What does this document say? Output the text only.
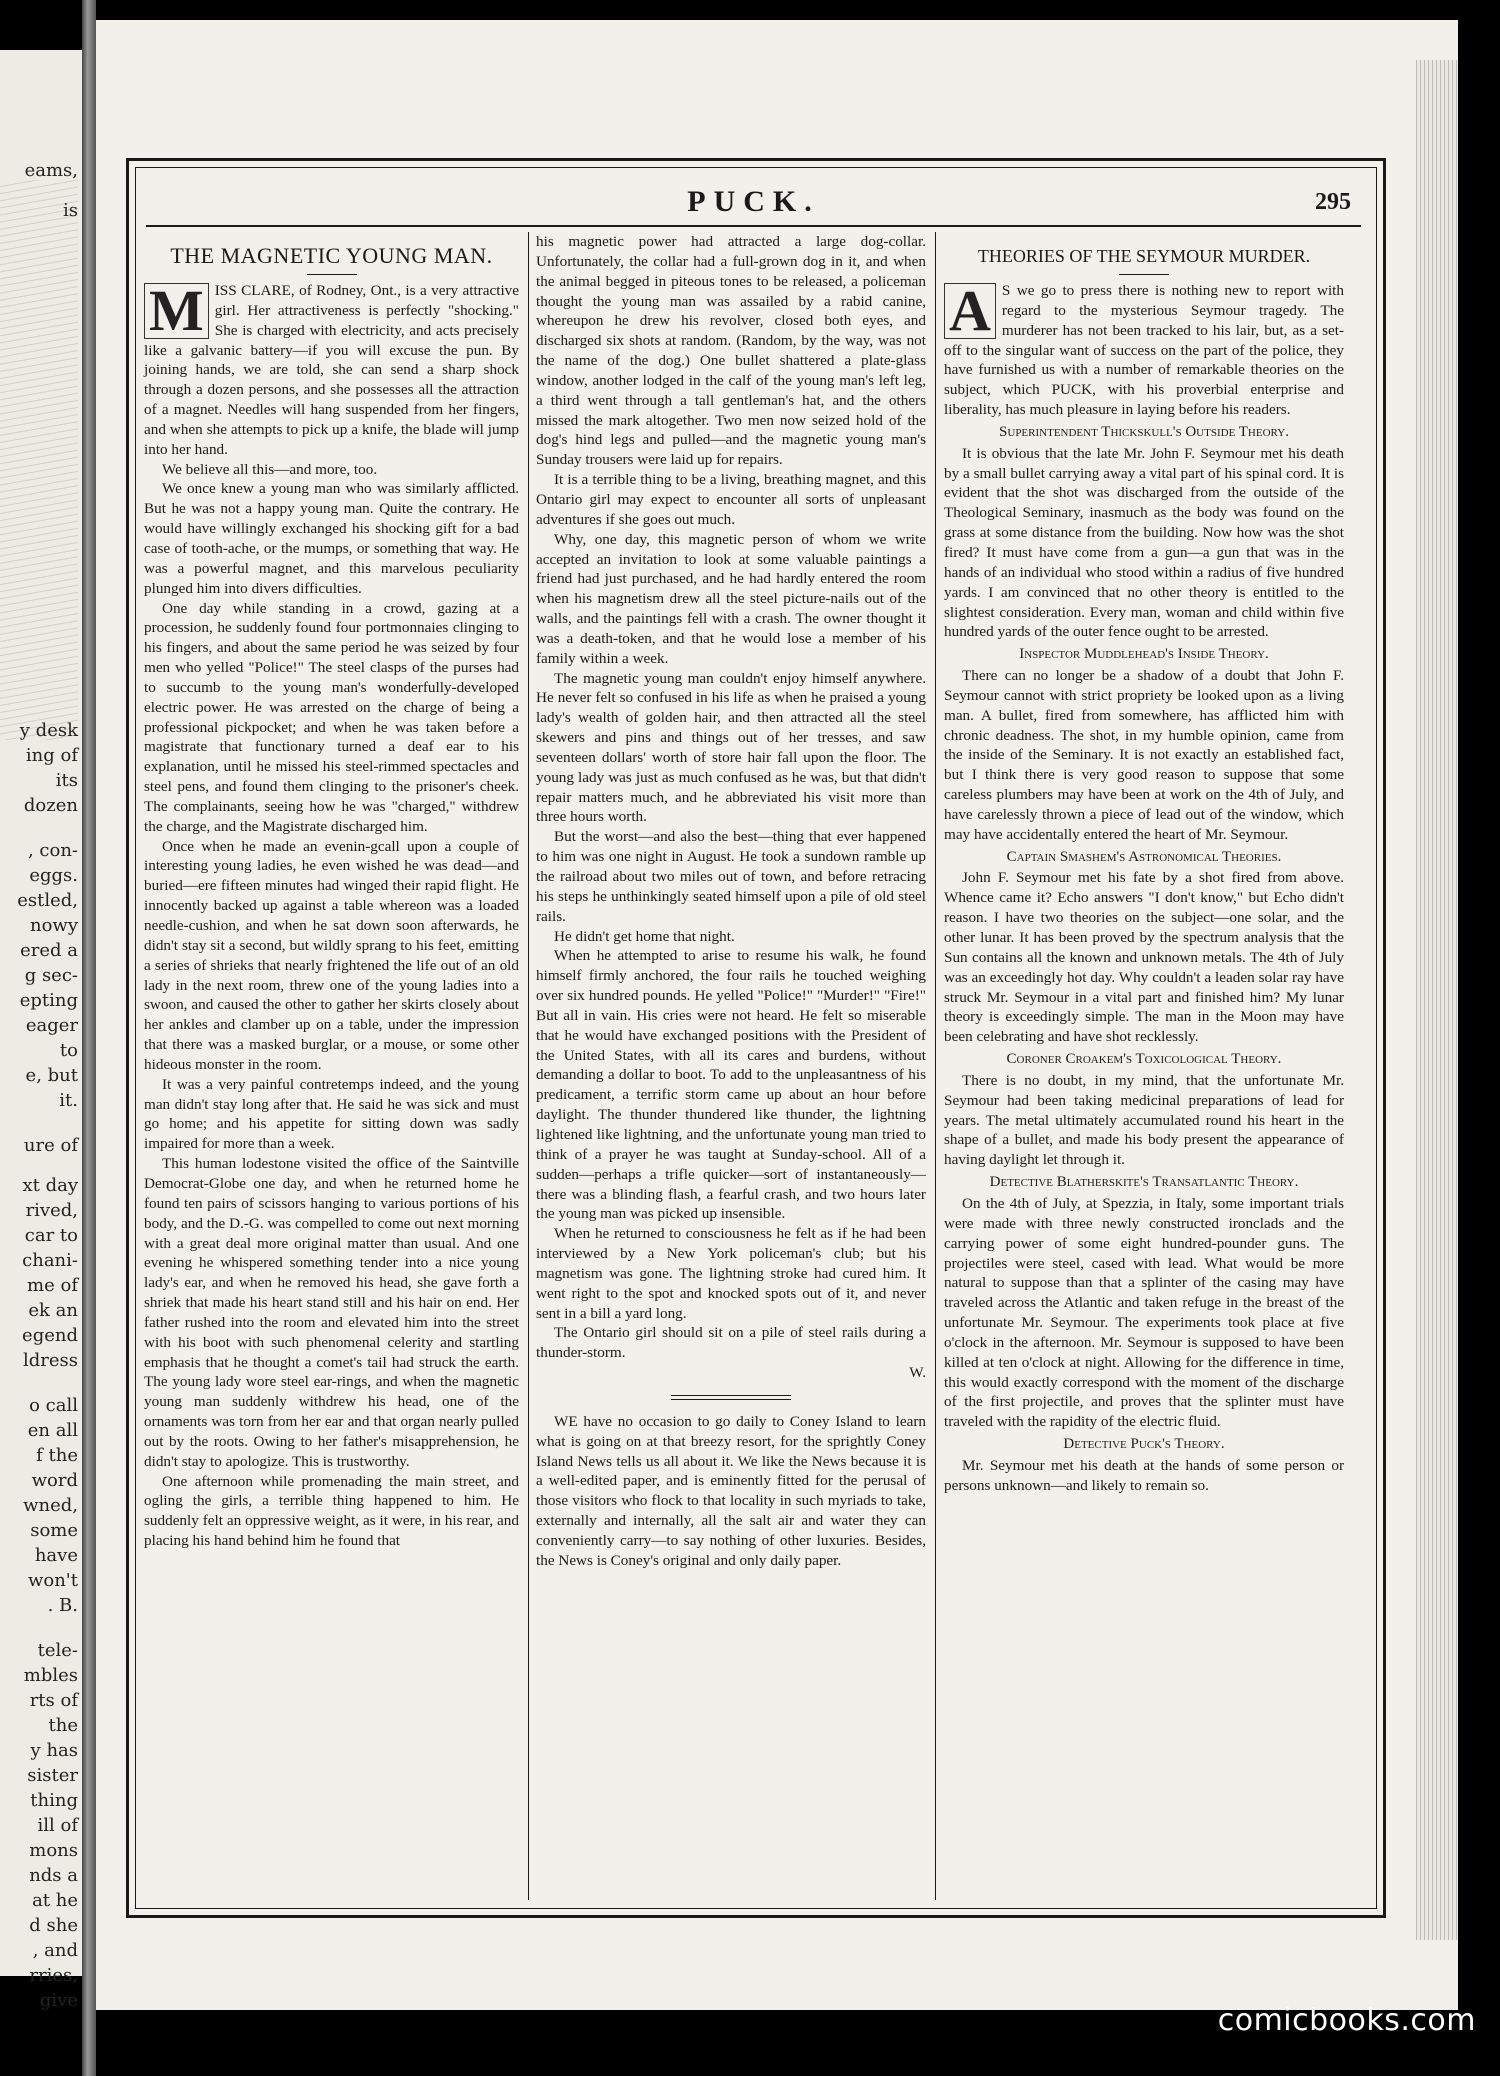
eams,
is
y desk
ing of
its
dozen
, con-
eggs.
estled,
nowy
ered a
g sec-
epting
eager
to
e, but
it.
ure of
xt day
rived,
car to
chani-
me of
ek an
egend
ldress
o call
en all
f the
word
wned,
some
have
won't
. B.
tele-
mbles
rts of
the
y has
sister
thing
ill of
mons
nds a
at he
d she
, and
rries,
give
PUCK.	295
THE MAGNETIC YOUNG MAN.
M ISS CLARE, of Rodney, Ont., is a very attractive girl. Her attractiveness is perfectly "shocking." She is charged with electricity, and acts precisely like a galvanic battery—if you will excuse the pun. By joining hands, we are told, she can send a sharp shock through a dozen persons, and she possesses all the attraction of a magnet. Needles will hang suspended from her fingers, and when she attempts to pick up a knife, the blade will jump into her hand.

We believe all this—and more, too.

We once knew a young man who was similarly afflicted. But he was not a happy young man. Quite the contrary. He would have willingly exchanged his shocking gift for a bad case of tooth-ache, or the mumps, or something that way. He was a powerful magnet, and this marvelous peculiarity plunged him into divers difficulties.

One day while standing in a crowd, gazing at a procession, he suddenly found four portmonnaies clinging to his fingers, and about the same period he was seized by four men who yelled "Police!" The steel clasps of the purses had to succumb to the young man's wonderfully-developed electric power. He was arrested on the charge of being a professional pickpocket; and when he was taken before a magistrate that functionary turned a deaf ear to his explanation, until he missed his steel-rimmed spectacles and steel pens, and found them clinging to the prisoner's cheek. The complainants, seeing how he was "charged," withdrew the charge, and the Magistrate discharged him.

Once when he made an evenin-gcall upon a couple of interesting young ladies, he even wished he was dead—and buried—ere fifteen minutes had winged their rapid flight. He innocently backed up against a table whereon was a loaded needle-cushion, and when he sat down soon afterwards, he didn't stay sit a second, but wildly sprang to his feet, emitting a series of shrieks that nearly frightened the life out of an old lady in the next room, threw one of the young ladies into a swoon, and caused the other to gather her skirts closely about her ankles and clamber up on a table, under the impression that there was a masked burglar, or a mouse, or some other hideous monster in the room.

It was a very painful contretemps indeed, and the young man didn't stay long after that. He said he was sick and must go home; and his appetite for sitting down was sadly impaired for more than a week.

This human lodestone visited the office of the Saintville Democrat-Globe one day, and when he returned home he found ten pairs of scissors hanging to various portions of his body, and the D.-G. was compelled to come out next morning with a great deal more original matter than usual. And one evening he whispered something tender into a nice young lady's ear, and when he removed his head, she gave forth a shriek that made his heart stand still and his hair on end. Her father rushed into the room and elevated him into the street with his boot with such phenomenal celerity and startling emphasis that he thought a comet's tail had struck the earth. The young lady wore steel ear-rings, and when the magnetic young man suddenly withdrew his head, one of the ornaments was torn from her ear and that organ nearly pulled out by the roots. Owing to her father's misapprehension, he didn't stay to apologize. This is trustworthy.

One afternoon while promenading the main street, and ogling the girls, a terrible thing happened to him. He suddenly felt an oppressive weight, as it were, in his rear, and placing his hand behind him he found that

his magnetic power had attracted a large dog-collar. Unfortunately, the collar had a full-grown dog in it, and when the animal begged in piteous tones to be released, a policeman thought the young man was assailed by a rabid canine, whereupon he drew his revolver, closed both eyes, and discharged six shots at random. (Random, by the way, was not the name of the dog.) One bullet shattered a plate-glass window, another lodged in the calf of the young man's left leg, a third went through a tall gentleman's hat, and the others missed the mark altogether. Two men now seized hold of the dog's hind legs and pulled—and the magnetic young man's Sunday trousers were laid up for repairs.

It is a terrible thing to be a living, breathing magnet, and this Ontario girl may expect to encounter all sorts of unpleasant adventures if she goes out much.

Why, one day, this magnetic person of whom we write accepted an invitation to look at some valuable paintings a friend had just purchased, and he had hardly entered the room when his magnetism drew all the steel picture-nails out of the walls, and the paintings fell with a crash. The owner thought it was a death-token, and that he would lose a member of his family within a week.

The magnetic young man couldn't enjoy himself anywhere. He never felt so confused in his life as when he praised a young lady's wealth of golden hair, and then attracted all the steel skewers and pins and things out of her tresses, and saw seventeen dollars' worth of store hair fall upon the floor. The young lady was just as much confused as he was, but that didn't repair matters much, and he abbreviated his visit more than three hours worth.

But the worst—and also the best—thing that ever happened to him was one night in August. He took a sundown ramble up the railroad about two miles out of town, and before retracing his steps he unthinkingly seated himself upon a pile of old steel rails.

He didn't get home that night.

When he attempted to arise to resume his walk, he found himself firmly anchored, the four rails he touched weighing over six hundred pounds. He yelled "Police!" "Murder!" "Fire!" But all in vain. His cries were not heard. He felt so miserable that he would have exchanged positions with the President of the United States, with all its cares and burdens, without demanding a dollar to boot. To add to the unpleasantness of his predicament, a terrific storm came up about an hour before daylight. The thunder thundered like thunder, the lightning lightened like lightning, and the unfortunate young man tried to think of a prayer he was taught at Sunday-school. All of a sudden—perhaps a trifle quicker—sort of instantaneously—there was a blinding flash, a fearful crash, and two hours later the young man was picked up insensible.

When he returned to consciousness he felt as if he had been interviewed by a New York policeman's club; but his magnetism was gone. The lightning stroke had cured him. It went right to the spot and knocked spots out of it, and never sent in a bill a yard long.

The Ontario girl should sit on a pile of steel rails during a thunder-storm.

W.

WE have no occasion to go daily to Coney Island to learn what is going on at that breezy resort, for the sprightly Coney Island News tells us all about it. We like the News because it is a well-edited paper, and is eminently fitted for the perusal of those visitors who flock to that locality in such myriads to take, externally and internally, all the salt air and water they can conveniently carry—to say nothing of other luxuries. Besides, the News is Coney's original and only daily paper.

THEORIES OF THE SEYMOUR MURDER.
A S we go to press there is nothing new to report with regard to the mysterious Seymour tragedy. The murderer has not been tracked to his lair, but, as a set-off to the singular want of success on the part of the police, they have furnished us with a number of remarkable theories on the subject, which PUCK, with his proverbial enterprise and liberality, has much pleasure in laying before his readers.

Superintendent Thickskull's Outside Theory.

It is obvious that the late Mr. John F. Seymour met his death by a small bullet carrying away a vital part of his spinal cord. It is evident that the shot was discharged from the outside of the Theological Seminary, inasmuch as the body was found on the grass at some distance from the building. Now how was the shot fired? It must have come from a gun—a gun that was in the hands of an individual who stood within a radius of five hundred yards. I am convinced that no other theory is entitled to the slightest consideration. Every man, woman and child within five hundred yards of the outer fence ought to be arrested.

Inspector Muddlehead's Inside Theory.

There can no longer be a shadow of a doubt that John F. Seymour cannot with strict propriety be looked upon as a living man. A bullet, fired from somewhere, has afflicted him with chronic deadness. The shot, in my humble opinion, came from the inside of the Seminary. It is not exactly an established fact, but I think there is very good reason to suppose that some careless plumbers may have been at work on the 4th of July, and have carelessly thrown a piece of lead out of the window, which may have accidentally entered the heart of Mr. Seymour.

Captain Smashem's Astronomical Theories.

John F. Seymour met his fate by a shot fired from above. Whence came it? Echo answers "I don't know," but Echo didn't reason. I have two theories on the subject—one solar, and the other lunar. It has been proved by the spectrum analysis that the Sun contains all the known and unknown metals. The 4th of July was an exceedingly hot day. Why couldn't a leaden solar ray have struck Mr. Seymour in a vital part and finished him? My lunar theory is exceedingly simple. The man in the Moon may have been celebrating and have shot recklessly.

Coroner Croakem's Toxicological Theory.

There is no doubt, in my mind, that the unfortunate Mr. Seymour had been taking medicinal preparations of lead for years. The metal ultimately accumulated round his heart in the shape of a bullet, and made his body present the appearance of having daylight let through it.

Detective Blatherskite's Transatlantic Theory.

On the 4th of July, at Spezzia, in Italy, some important trials were made with three newly constructed ironclads and the carrying power of some eight hundred-pounder guns. The projectiles were steel, cased with lead. What would be more natural to suppose than that a splinter of the casing may have traveled across the Atlantic and taken refuge in the breast of the unfortunate Mr. Seymour. The experiments took place at five o'clock in the afternoon. Mr. Seymour is supposed to have been killed at ten o'clock at night. Allowing for the difference in time, this would exactly correspond with the moment of the discharge of the first projectile, and proves that the splinter must have traveled with the rapidity of the electric fluid.

Detective Puck's Theory.

Mr. Seymour met his death at the hands of some person or persons unknown—and likely to remain so.

comicbooks.com
